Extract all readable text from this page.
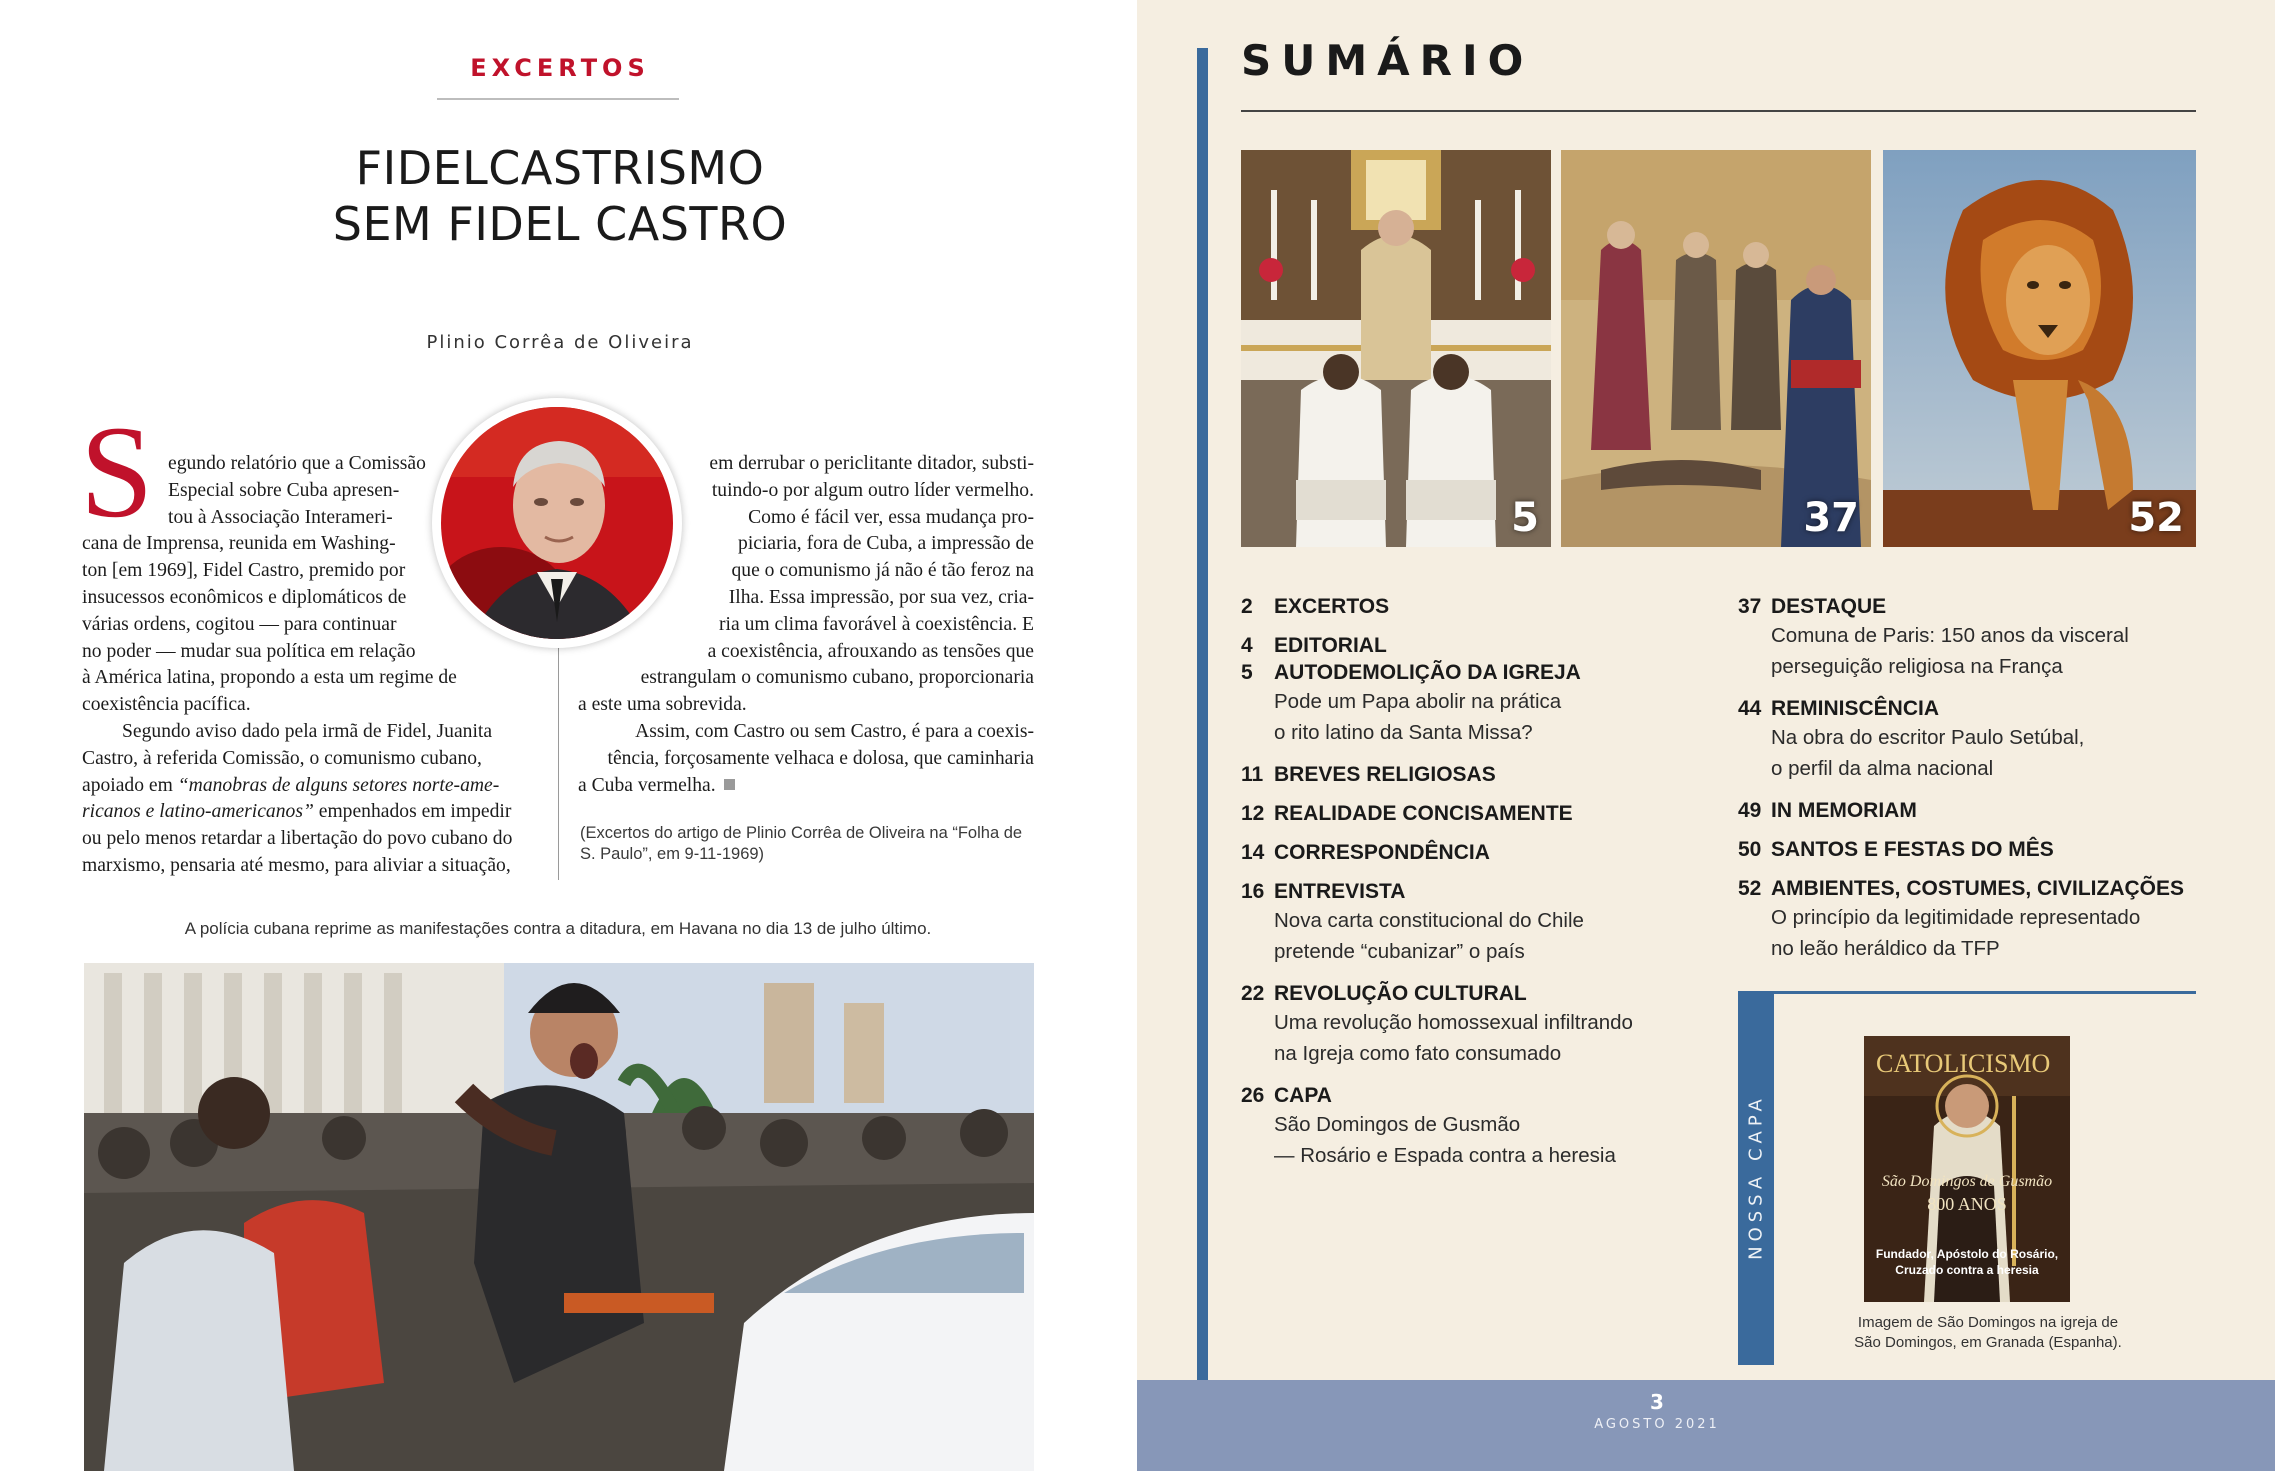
EXCERTOS
FIDELCASTRISMO
SEM FIDEL CASTRO
Plinio Corrêa de Oliveira
S egundo relatório que a Comissão
Especial sobre Cuba apresen-
tou à Associação Interameri-
cana de Imprensa, reunida em Washing-
ton [em 1969], Fidel Castro, premido por
insucessos econômicos e diplomáticos de
várias ordens, cogitou — para continuar
no poder — mudar sua política em relação
à América latina, propondo a esta um regime de
coexistência pacífica.
Segundo aviso dado pela irmã de Fidel, Juanita
Castro, à referida Comissão, o comunismo cubano,
apoiado em “manobras de alguns setores norte-ame-
ricanos e latino-americanos” empenhados em impedir
ou pelo menos retardar a libertação do povo cubano do
marxismo, pensaria até mesmo, para aliviar a situação,
em derrubar o periclitante ditador, substi-
tuindo-o por algum outro líder vermelho.
Como é fácil ver, essa mudança pro-
piciaria, fora de Cuba, a impressão de
que o comunismo já não é tão feroz na
Ilha. Essa impressão, por sua vez, cria-
ria um clima favorável à coexistência. E
a coexistência, afrouxando as tensões que
estrangulam o comunismo cubano, proporcionaria
a este uma sobrevida.
Assim, com Castro ou sem Castro, é para a coexis-
tência, forçosamente velhaca e dolosa, que caminharia
a Cuba vermelha.
(Excertos do artigo de Plinio Corrêa de Oliveira na “Folha de S. Paulo”, em 9-11-1969)
A polícia cubana reprime as manifestações contra a ditadura, em Havana no dia 13 de julho último.
SUMÁRIO
5	37	52
2 EXCERTOS
4 EDITORIAL
5 AUTODEMOLIÇÃO DA IGREJA
Pode um Papa abolir na prática
o rito latino da Santa Missa?
11 BREVES RELIGIOSAS
12 REALIDADE CONCISAMENTE
14 CORRESPONDÊNCIA
16 ENTREVISTA
Nova carta constitucional do Chile
pretende “cubanizar” o país
22 REVOLUÇÃO CULTURAL
Uma revolução homossexual infiltrando
na Igreja como fato consumado
26 CAPA
São Domingos de Gusmão
— Rosário e Espada contra a heresia
37 DESTAQUE
Comuna de Paris: 150 anos da visceral
perseguição religiosa na França
44 REMINISCÊNCIA
Na obra do escritor Paulo Setúbal,
o perfil da alma nacional
49 IN MEMORIAM
50 SANTOS E FESTAS DO MÊS
52 AMBIENTES, COSTUMES, CIVILIZAÇÕES
O princípio da legitimidade representado
no leão heráldico da TFP
NOSSA CAPA
CATOLICISMO
São Domingos de Gusmão
800 ANOS
Fundador, Apóstolo do Rosário,
Cruzado contra a heresia
Imagem de São Domingos na igreja de
São Domingos, em Granada (Espanha).
3
AGOSTO 2021
